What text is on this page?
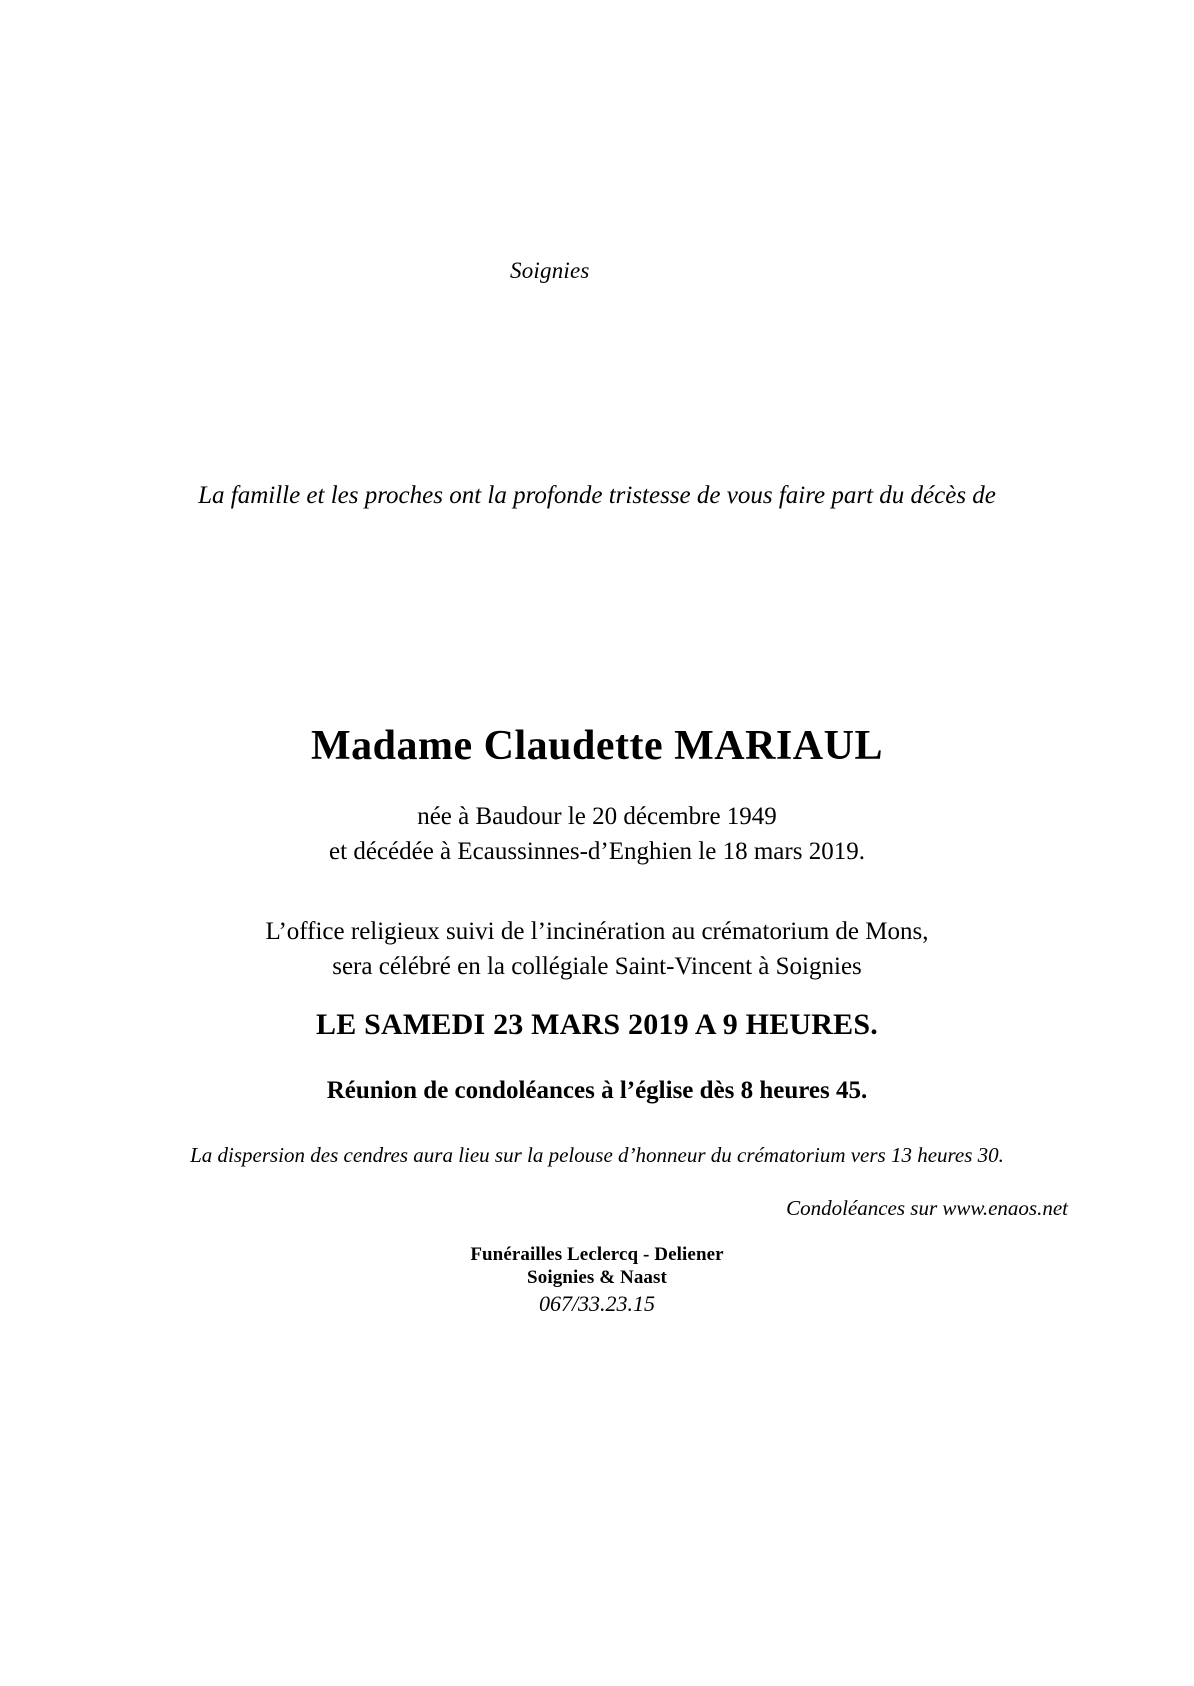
Soignies
La famille et les proches ont la profonde tristesse de vous faire part du décès de
Madame Claudette MARIAUL
née à Baudour le 20 décembre 1949
et décédée à Ecaussinnes-d’Enghien le 18 mars 2019.
L’office religieux suivi de l’incinération au crématorium de Mons,
sera célébré en la collégiale Saint-Vincent à Soignies
LE SAMEDI 23 MARS 2019 A 9 HEURES.
Réunion de condoléances à l’église dès 8 heures 45.
La dispersion des cendres aura lieu sur la pelouse d’honneur du crématorium vers 13 heures 30.
Condoléances sur www.enaos.net
Funérailles Leclercq - Deliener
Soignies & Naast
067/33.23.15
